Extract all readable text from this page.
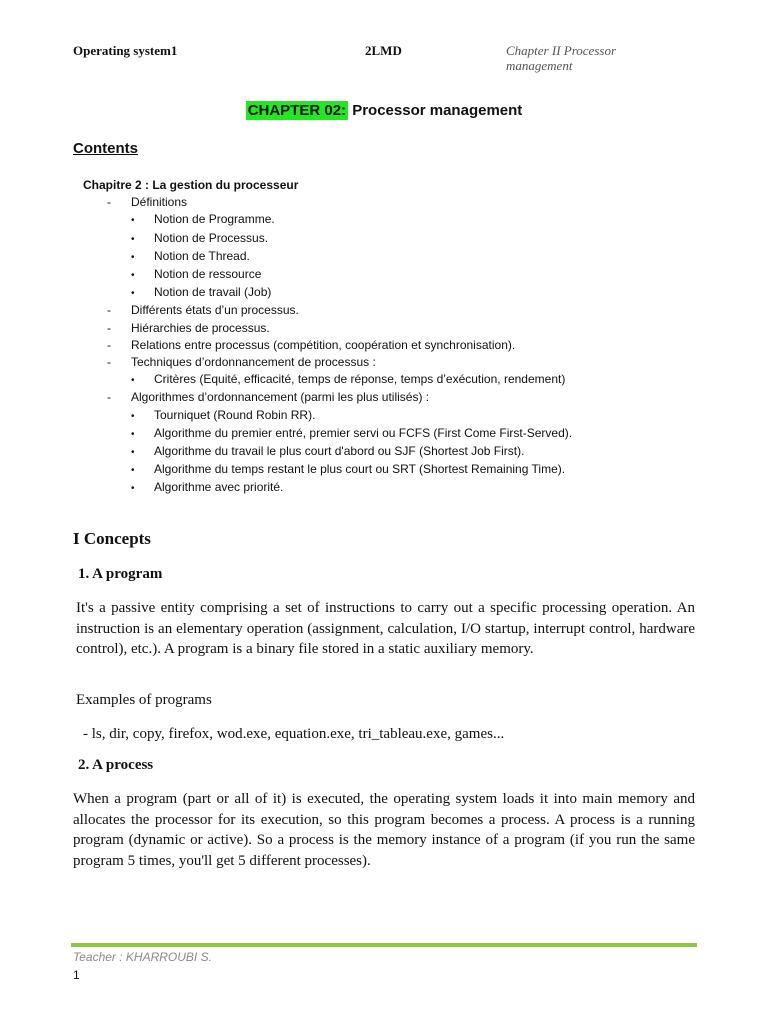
Operating system1	2LMD	Chapter II Processor
management
CHAPTER 02: Processor management
Contents
Chapitre 2 : La gestion du processeur
-	Définitions
•	Notion de Programme.
•	Notion de Processus.
•	Notion de Thread.
•	Notion de ressource
•	Notion de travail (Job)
-	Différents états d’un processus.
-	Hiérarchies de processus.
-	Relations entre processus (compétition, coopération et synchronisation).
-	Techniques d’ordonnancement de processus :
•	Critères (Equité, efficacité, temps de réponse, temps d’exécution, rendement)
-	Algorithmes d’ordonnancement (parmi les plus utilisés) :
•	Tourniquet (Round Robin RR).
•	Algorithme du premier entré, premier servi ou FCFS (First Come First-Served).
•	Algorithme du travail le plus court d'abord ou SJF (Shortest Job First).
•	Algorithme du temps restant le plus court ou SRT (Shortest Remaining Time).
•	Algorithme avec priorité.
I Concepts
1. A program
It's a passive entity comprising a set of instructions to carry out a specific processing operation. An instruction is an elementary operation (assignment, calculation, I/O startup, interrupt control, hardware control), etc.). A program is a binary file stored in a static auxiliary memory.
Examples of programs
- ls, dir, copy, firefox, wod.exe, equation.exe, tri_tableau.exe, games...
2. A process
When a program (part or all of it) is executed, the operating system loads it into main memory and allocates the processor for its execution, so this program becomes a process. A process is a running program (dynamic or active). So a process is the memory instance of a program (if you run the same program 5 times, you'll get 5 different processes).
Teacher : KHARROUBI S.
1
